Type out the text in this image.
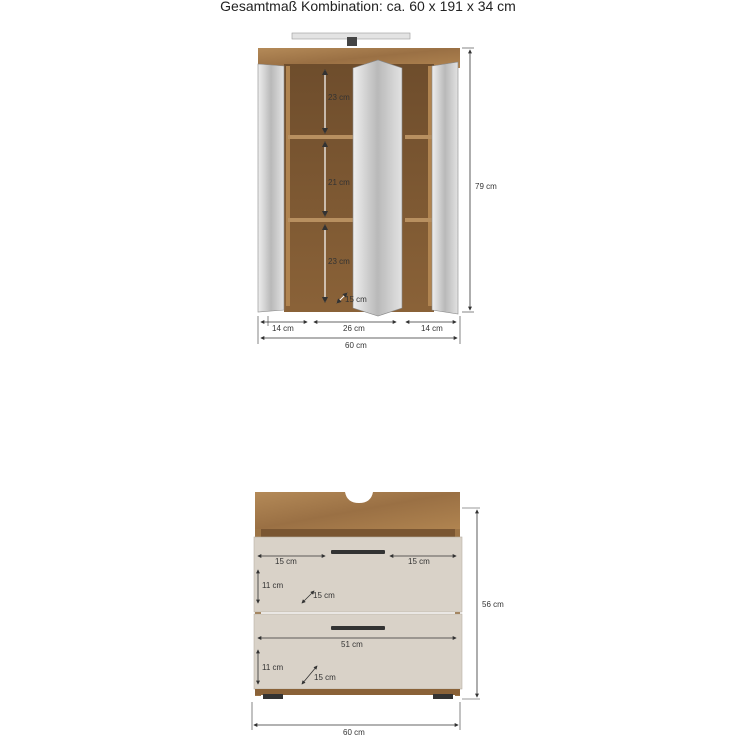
Gesamtmaß Kombination: ca. 60 x 191 x 34 cm
23 cm
21 cm
23 cm
15 cm
79 cm
14 cm	26 cm	14 cm
60 cm
15 cm	15 cm
11 cm
15 cm
51 cm
11 cm
15 cm
56 cm
60 cm
